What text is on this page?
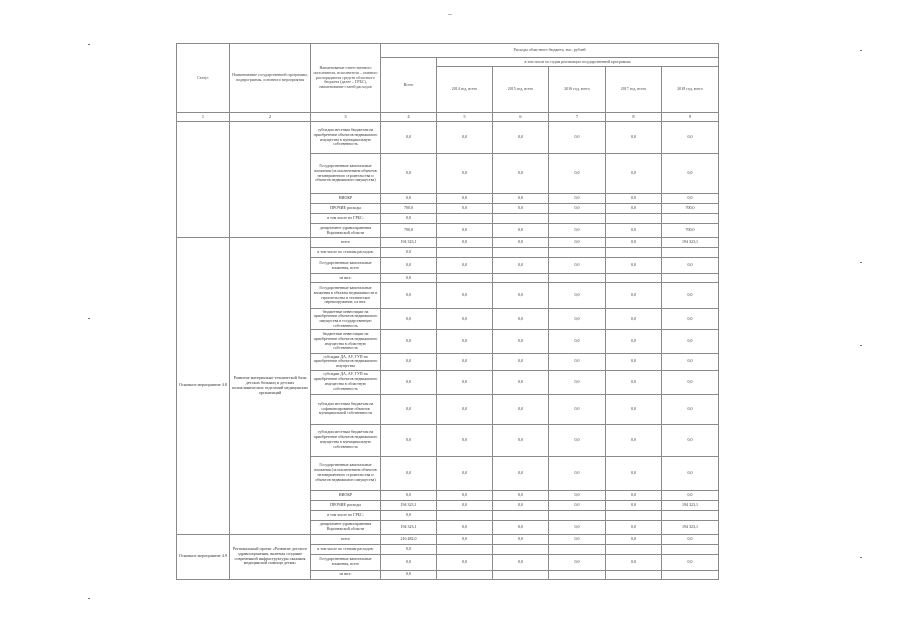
..
Статус	Наименование государственной программы, подпрограммы, основного мероприятия	Наименование ответственного исполнителя, исполнителя – главного распорядителя средств областного бюджета (далее – ГРБС), наименование статей расходов	Расходы областного бюджета, тыс. рублей					
			Всего	в том числе по годам реализации государственной программы				
				2014 год, всего	2015 год, всего	2016 год, всего	2017 год, всего	2018 год, всего
1	2	3	4	5	6	7	8	9
		субсидии местным бюджетам на приобретение объектов недвижимого имущества в муниципальную собственность	0,0	0,0	0,0	0,0	0,0	0,0
		Государственные капитальные вложения (за исключением объектов незавершенного строительства и объектов недвижимого имущества)	0,0	0,0	0,0	0,0	0,0	0,0
		НИОКР	0,0	0,0	0,0	0,0	0,0	0,0
		ПРОЧИЕ расходы	700,0	0,0	0,0	0,0	0,0	700,0
		в том числе по ГРБС:	0,0					
		департамент здравоохранения Воронежской области	700,0	0,0	0,0	0,0	0,0	700,0
Основное мероприятие 4.8	Развитие материально-технической базы детских больниц и детских поликлинических отделений медицинских организаций	всего	194 323,1	0,0	0,0	0,0	0,0	194 323,1
		в том числе по статьям расходов:	0,0					
		Государственные капитальные вложения, всего	0,0	0,0	0,0	0,0	0,0	0,0
		из них:	0,0					
		Государственные капитальные вложения в объекты недвижимости и строительства и техническое перевооружение, из них:	0,0	0,0	0,0	0,0	0,0	0,0
		бюджетные инвестиции на приобретение объектов недвижимого имущества в государственную собственность	0,0	0,0	0,0	0,0	0,0	0,0
		бюджетные инвестиции на приобретение объектов недвижимого имущества в областную собственность	0,0	0,0	0,0	0,0	0,0	0,0
		субсидии ДА, АУ, ГУП на приобретение объектов недвижимого имущества	0,0	0,0	0,0	0,0	0,0	0,0
		субсидии ДА, АУ, ГУП на приобретение объектов недвижимого имущества в областную собственность	0,0	0,0	0,0	0,0	0,0	0,0
		субсидии местным бюджетам на софинансирование объектов муниципальной собственности	0,0	0,0	0,0	0,0	0,0	0,0
		субсидии местным бюджетам на приобретение объектов недвижимого имущества в муниципальную собственность	0,0	0,0	0,0	0,0	0,0	0,0
		Государственные капитальные вложения (за исключением объектов незавершенного строительства и объектов недвижимого имущества)	0,0	0,0	0,0	0,0	0,0	0,0
		НИОКР	0,0	0,0	0,0	0,0	0,0	0,0
		ПРОЧИЕ расходы	194 323,1	0,0	0,0	0,0	0,0	194 323,1
		в том числе по ГРБС:	0,0					
		департамент здравоохранения Воронежской области	194 323,1	0,0	0,0	0,0	0,0	194 323,1
Основное мероприятие 4.9	Региональный проект «Развитие детского здравоохранения, включая создание современной инфраструктуры оказания медицинской помощи детям»	всего	216 482,0	0,0	0,0	0,0	0,0	0,0
		в том числе по статьям расходов:	0,0					
		Государственные капитальные вложения, всего	0,0	0,0	0,0	0,0	0,0	0,0
		из них:	0,0					
